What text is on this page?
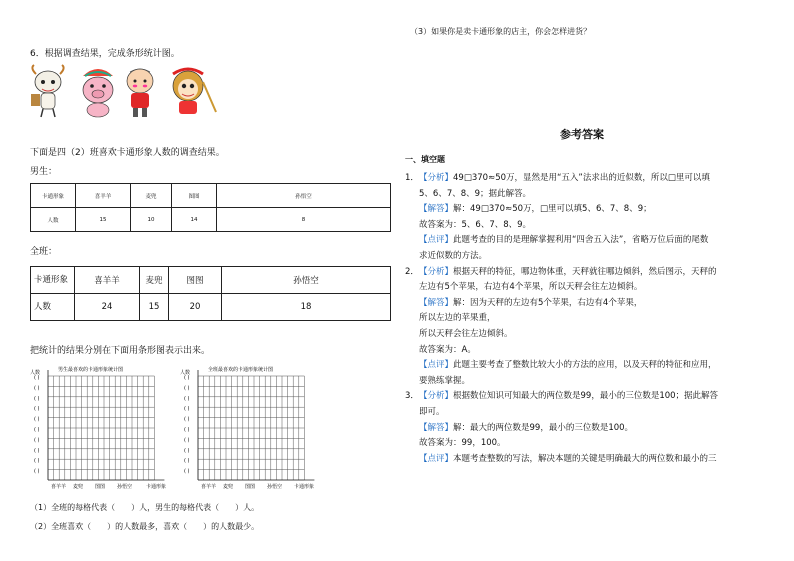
6．根据调查结果，完成条形统计图。
下面是四（2）班喜欢卡通形象人数的调查结果。
男生：
卡通形象	喜羊羊	麦兜	图图	孙悟空
人数	15	10	14	8
全班：
卡通形象	喜羊羊	麦兜	图图	孙悟空
人数	24	15	20	18
把统计的结果分别在下面用条形图表示出来。
男生最喜欢的卡通形象统计图
人数
( )
( )
( )
( )
( )
( )
( )
( )
( )
( )
喜羊羊 麦兜 图图 孙悟空	卡通形象
全班最喜欢的卡通形象统计图
人数
( )
( )
( )
( )
( )
( )
( )
( )
( )
( )
喜羊羊 麦兜 图图 孙悟空 卡通形象
（1）全班的每格代表（　　）人，男生的每格代表（　　）人。
（2）全班喜欢（　　）的人数最多，喜欢（　　）的人数最少。
（3）如果你是卖卡通形象的店主，你会怎样进货？
参考答案
一、填空题
1．【分析】49□370≈50万，显然是用“五入”法求出的近似数，所以□里可以填
5、6、7、8、9；据此解答。
【解答】解：49□370≈50万，□里可以填5、6、7、8、9；
故答案为：5、6、7、8、9。
【点评】此题考查的目的是理解掌握利用“四舍五入法”，省略万位后面的尾数
求近似数的方法。
2．【分析】根据天秤的特征，哪边物体重，天秤就往哪边倾斜，然后图示，天秤的
左边有5个苹果，右边有4个苹果，所以天秤会往左边倾斜。
【解答】解：因为天秤的左边有5个苹果，右边有4个苹果，
所以左边的苹果重，
所以天秤会往左边倾斜。
故答案为：A。
【点评】此题主要考查了整数比较大小的方法的应用，以及天秤的特征和应用，
要熟练掌握。
3．【分析】根据数位知识可知最大的两位数是99，最小的三位数是100；据此解答
即可。
【解答】解：最大的两位数是99，最小的三位数是100。
故答案为：99，100。
【点评】本题考查整数的写法，解决本题的关键是明确最大的两位数和最小的三
